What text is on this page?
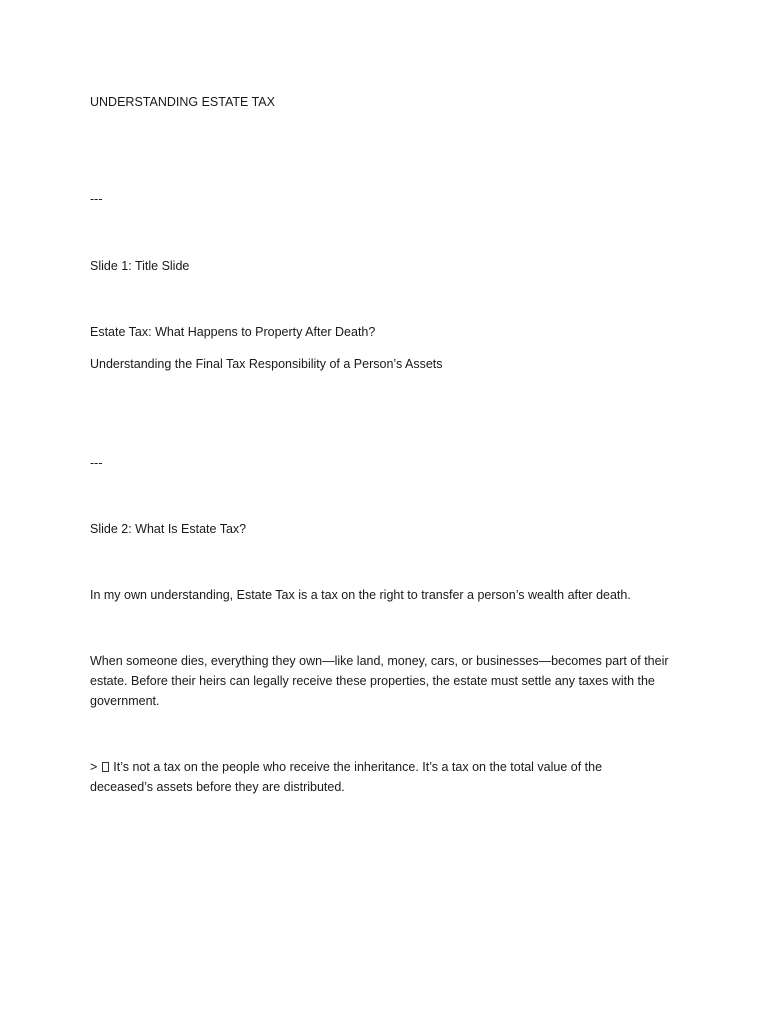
UNDERSTANDING ESTATE TAX

---

Slide 1: Title Slide

Estate Tax: What Happens to Property After Death?

Understanding the Final Tax Responsibility of a Person’s Assets

---

Slide 2: What Is Estate Tax?

In my own understanding, Estate Tax is a tax on the right to transfer a person’s wealth after death.

When someone dies, everything they own—like land, money, cars, or businesses—becomes part of their estate. Before their heirs can legally receive these properties, the estate must settle any taxes with the government.

> It’s not a tax on the people who receive the inheritance. It’s a tax on the total value of the deceased’s assets before they are distributed.
